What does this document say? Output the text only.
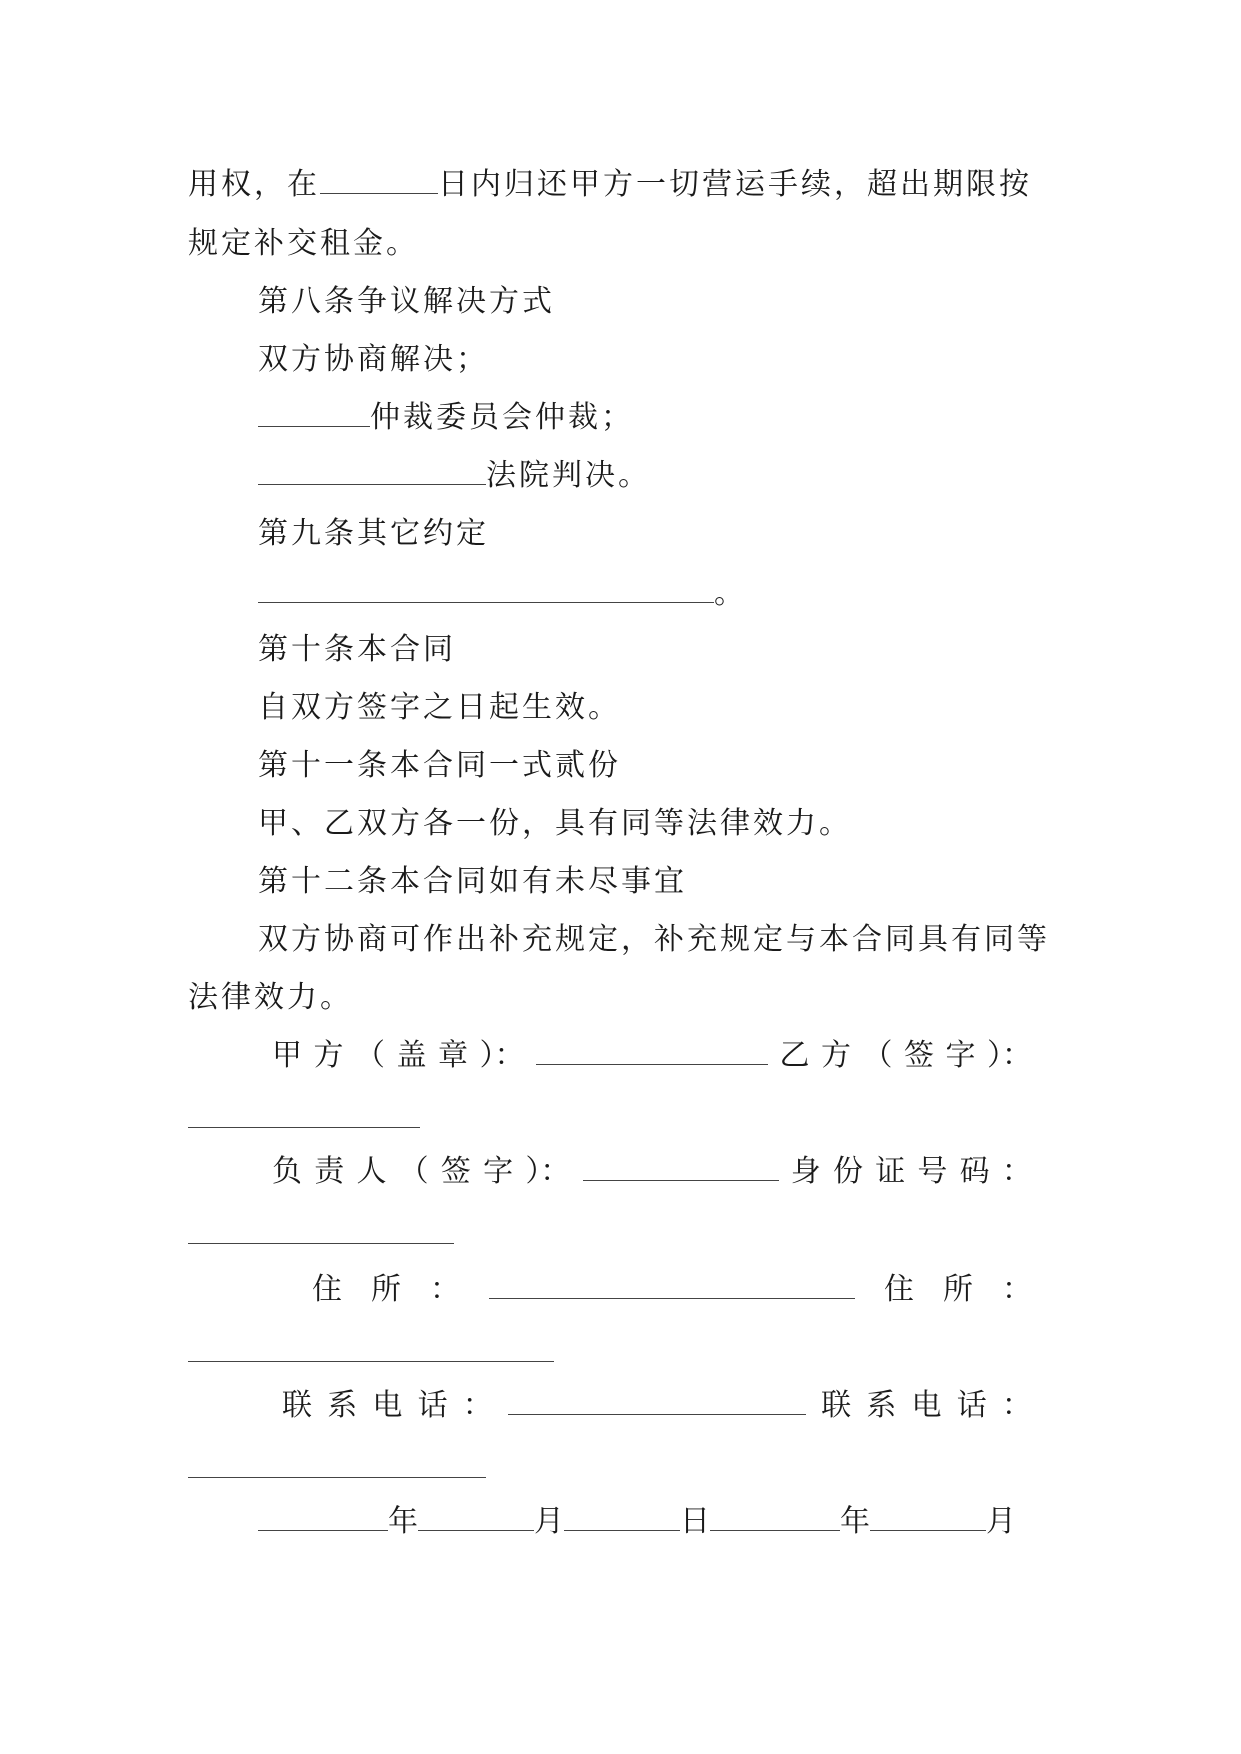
用权，在	日内归还甲方一切营运手续，超出期限按
规定补交租金。
第八条争议解决方式
双方协商解决；
仲裁委员会仲裁；
法院判决。
第九条其它约定
。
第十条本合同
自双方签字之日起生效。
第十一条本合同一式贰份
甲、乙双方各一份，具有同等法律效力。
第十二条本合同如有未尽事宜
双方协商可作出补充规定，补充规定与本合同具有同等
法律效力。
甲 方 （ 盖 章 ）：	乙 方 （ 签 字 ）：
负 责 人 （ 签 字 ）：	身 份 证 号 码 ：
住 所 ：	住 所 ：
联 系 电 话 ：	联 系 电 话 ：
年	月	日	年	月
